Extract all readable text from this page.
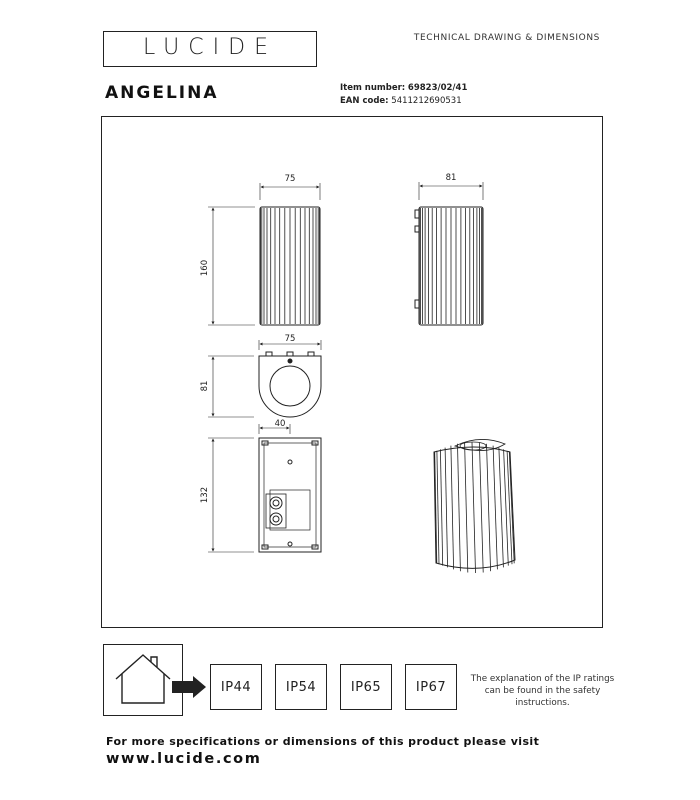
LUCIDE	TECHNICAL DRAWING & DIMENSIONS
ANGELINA	Item number: 69823/02/41
EAN code: 5411212690531
75
160
81
75
81
40
132
IP44	IP54	IP65	IP67
The explanation of the IP ratings can be found in the safety instructions.
For more specifications or dimensions of this product please visit
www.lucide.com
